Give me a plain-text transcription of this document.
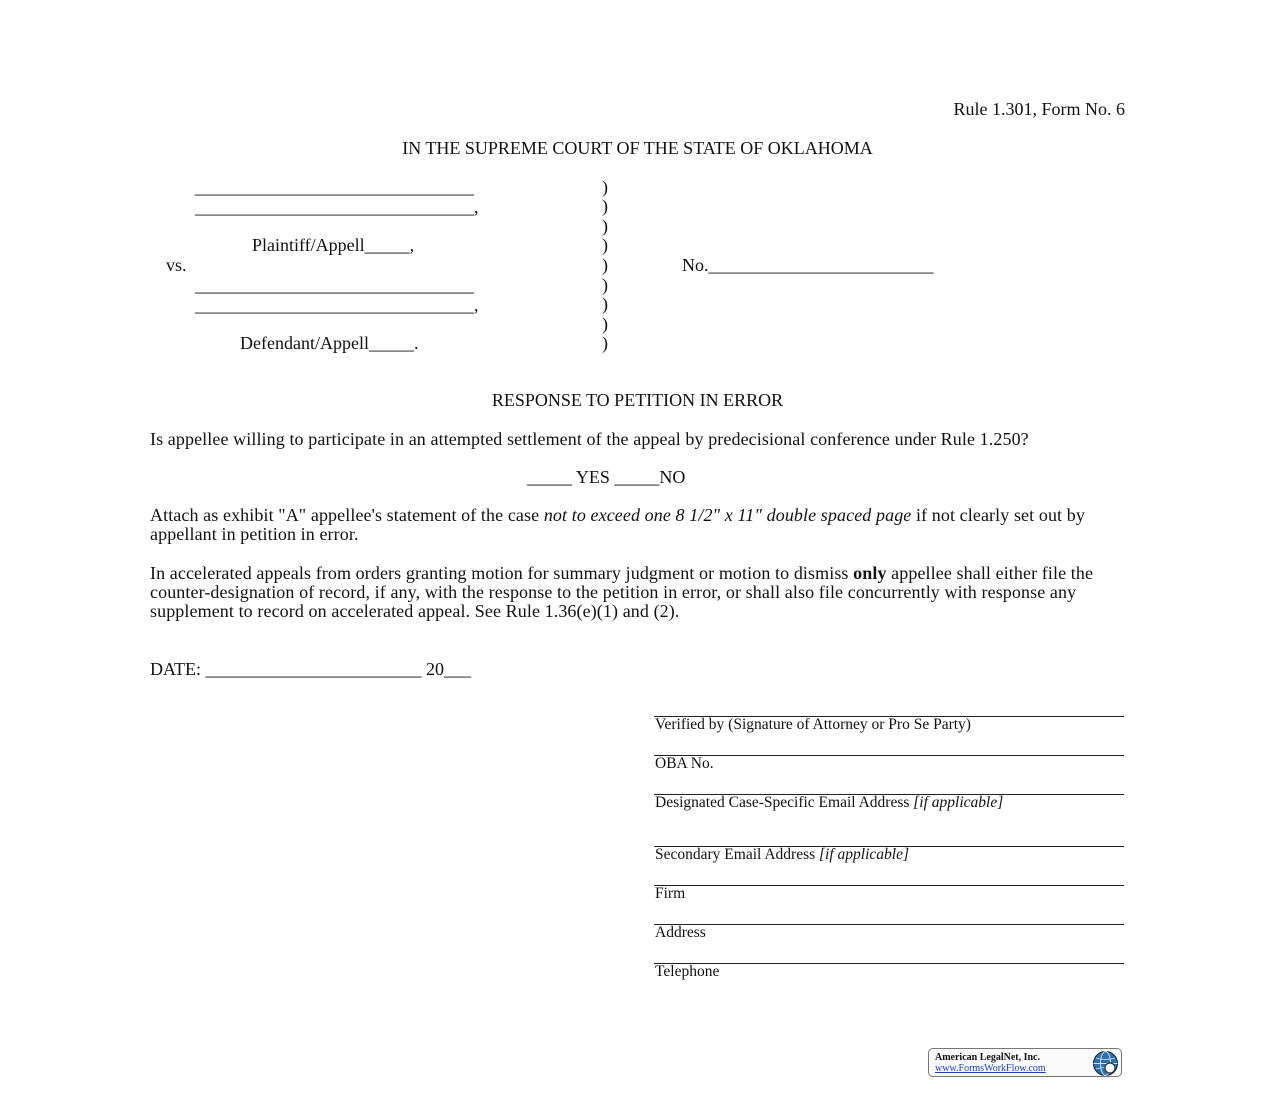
Rule 1.301, Form No. 6
IN THE SUPREME COURT OF THE STATE OF OKLAHOMA
_______________________________
_______________________________,
Plaintiff/Appell_____,
vs.
_______________________________
_______________________________,
Defendant/Appell_____.
)
)
)
)
)
)
)
)
)
No._________________________
RESPONSE TO PETITION IN ERROR
Is appellee willing to participate in an attempted settlement of the appeal by predecisional conference under Rule 1.250?
_____ YES _____NO
Attach as exhibit "A" appellee's statement of the case not to exceed one 8 1/2" x 11" double spaced page if not clearly set out by appellant in petition in error.
In accelerated appeals from orders granting motion for summary judgment or motion to dismiss only appellee shall either file the counter-designation of record, if any, with the response to the petition in error, or shall also file concurrently with response any supplement to record on accelerated appeal. See Rule 1.36(e)(1) and (2).
DATE: ________________________ 20___
Verified by (Signature of Attorney or Pro Se Party)
OBA No.
Designated Case-Specific Email Address [if applicable]
Secondary Email Address [if applicable]
Firm
Address
Telephone
American LegalNet, Inc.
www.FormsWorkFlow.com
